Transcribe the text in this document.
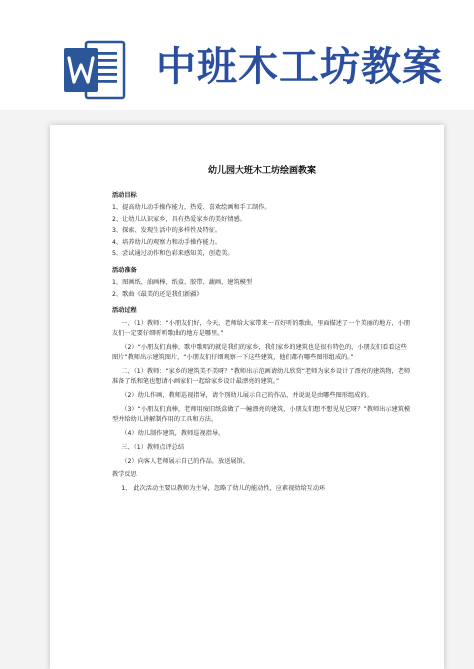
中班木工坊教案

幼儿园大班木工坊绘画教案
活动目标
1、提高幼儿动手操作能力，热爱、喜欢绘画和手工制作。
2、让幼儿认识家乡，具有热爱家乡的美好情感。
3、探索、发现生活中的多样性及特征。
4、培养幼儿的观察力和动手操作能力。
5、尝试通过动作和色彩来感知美，创造美。
活动准备
1、图画纸、油画棒、纸盒、胶带、蔬画、建筑模型
2、歌曲《最美的还是我们新疆》
活动过程
一、（1）教师：“小朋友们好，今天，老师给大家带来一首好听的歌曲，里面描述了一个美丽的地方，小朋友们一定要仔细听听歌曲的地方是哪里。”
（2）“小朋友们真棒，歌中歌唱的就是我们的家乡，我们家乡的建筑也是很有特色的，小朋友们看看这些图片”教师出示建筑图片，“小朋友们仔细观察一下这些建筑，他们都有哪些图形组成的。”
二、（1）教师：“家乡的建筑美不美呀？”教师出示范画请幼儿欣赏“老师为家乡设计了漂亮的建筑物，老师准备了纸和笔也想请小画家们一起给家乡设计最漂亮的建筑。”
（2）幼儿作画，教师巡视指导，请个别幼儿展示自己的作品，并说说是由哪些图形组成的。
（3）“小朋友们真棒，老师用废旧纸盒做了一幢漂亮的建筑，小朋友们想不想见见它呀？”教师出示建筑模型并给幼儿讲解制作用的工具和方法。
（4）幼儿制作建筑，教师巡视指导。
三、（1）教师点评总结
（2）向客人老师展示自己的作品，放送展馆。
教学反思
1、 此次活动主要以教师为主导，忽略了幼儿的能动性，应素视幼给互动环
